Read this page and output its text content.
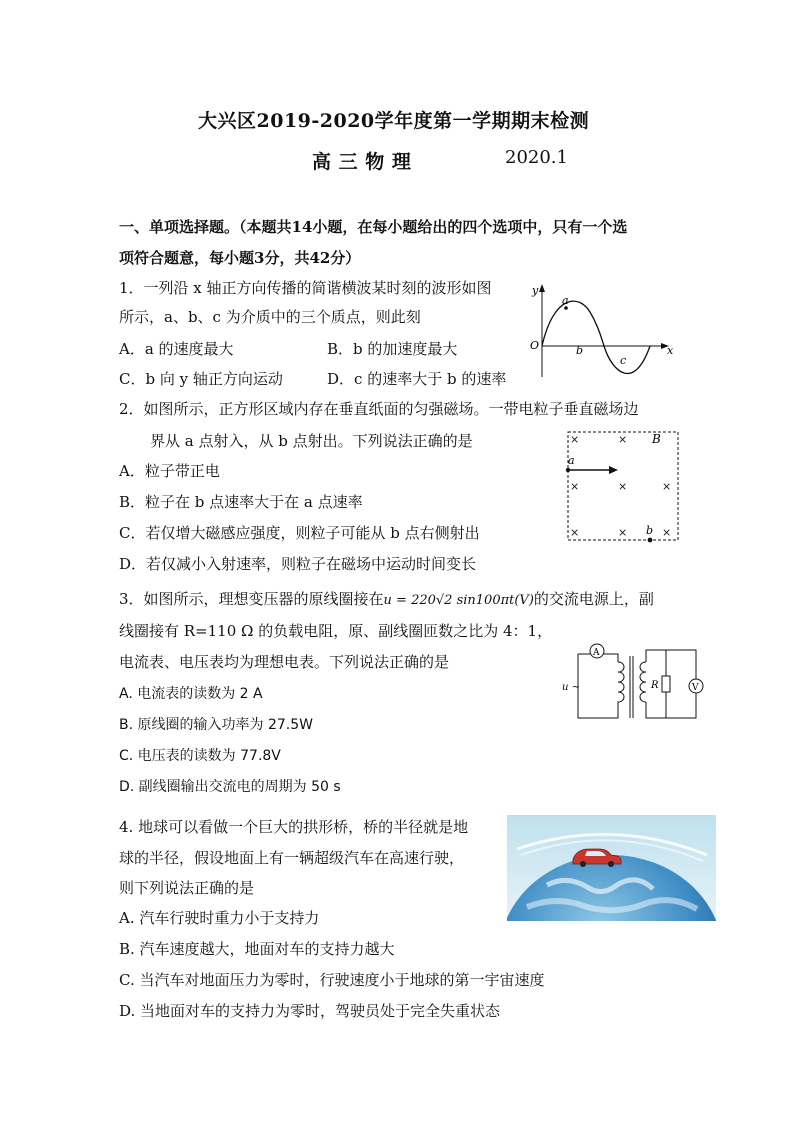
大兴区2019-2020学年度第一学期期末检测
高 三 物 理	2020.1
一、单项选择题。（本题共14小题，在每小题给出的四个选项中，只有一个选
项符合题意，每小题3分，共42分）
1．一列沿 x 轴正方向传播的简谐横波某时刻的波形如图
所示，a、b、c 为介质中的三个质点，则此刻
A．a 的速度最大	B．b 的加速度最大
C．b 向 y 轴正方向运动	D．c 的速率大于 b 的速率
y
x
O
a
b
c
2．如图所示，正方形区域内存在垂直纸面的匀强磁场。一带电粒子垂直磁场边
界从 a 点射入，从 b 点射出。下列说法正确的是
A．粒子带正电
B．粒子在 b 点速率大于在 a 点速率
C．若仅增大磁感应强度，则粒子可能从 b 点右侧射出
D．若仅减小入射速率，则粒子在磁场中运动时间变长
×	×
×	×	×
×	×	×
B
a
b
3．如图所示，理想变压器的原线圈接在u = 220√2 sin100πt(V)的交流电源上，副
线圈接有 R=110 Ω 的负载电阻，原、副线圈匝数之比为 4：1，
电流表、电压表均为理想电表。下列说法正确的是
A. 电流表的读数为 2 A
B. 原线圈的输入功率为 27.5W
C. 电压表的读数为 77.8V
D. 副线圈输出交流电的周期为 50 s
A
R	V
u ~
4. 地球可以看做一个巨大的拱形桥，桥的半径就是地
球的半径，假设地面上有一辆超级汽车在高速行驶，
则下列说法正确的是
A. 汽车行驶时重力小于支持力
B. 汽车速度越大，地面对车的支持力越大
C. 当汽车对地面压力为零时，行驶速度小于地球的第一宇宙速度
D. 当地面对车的支持力为零时，驾驶员处于完全失重状态
